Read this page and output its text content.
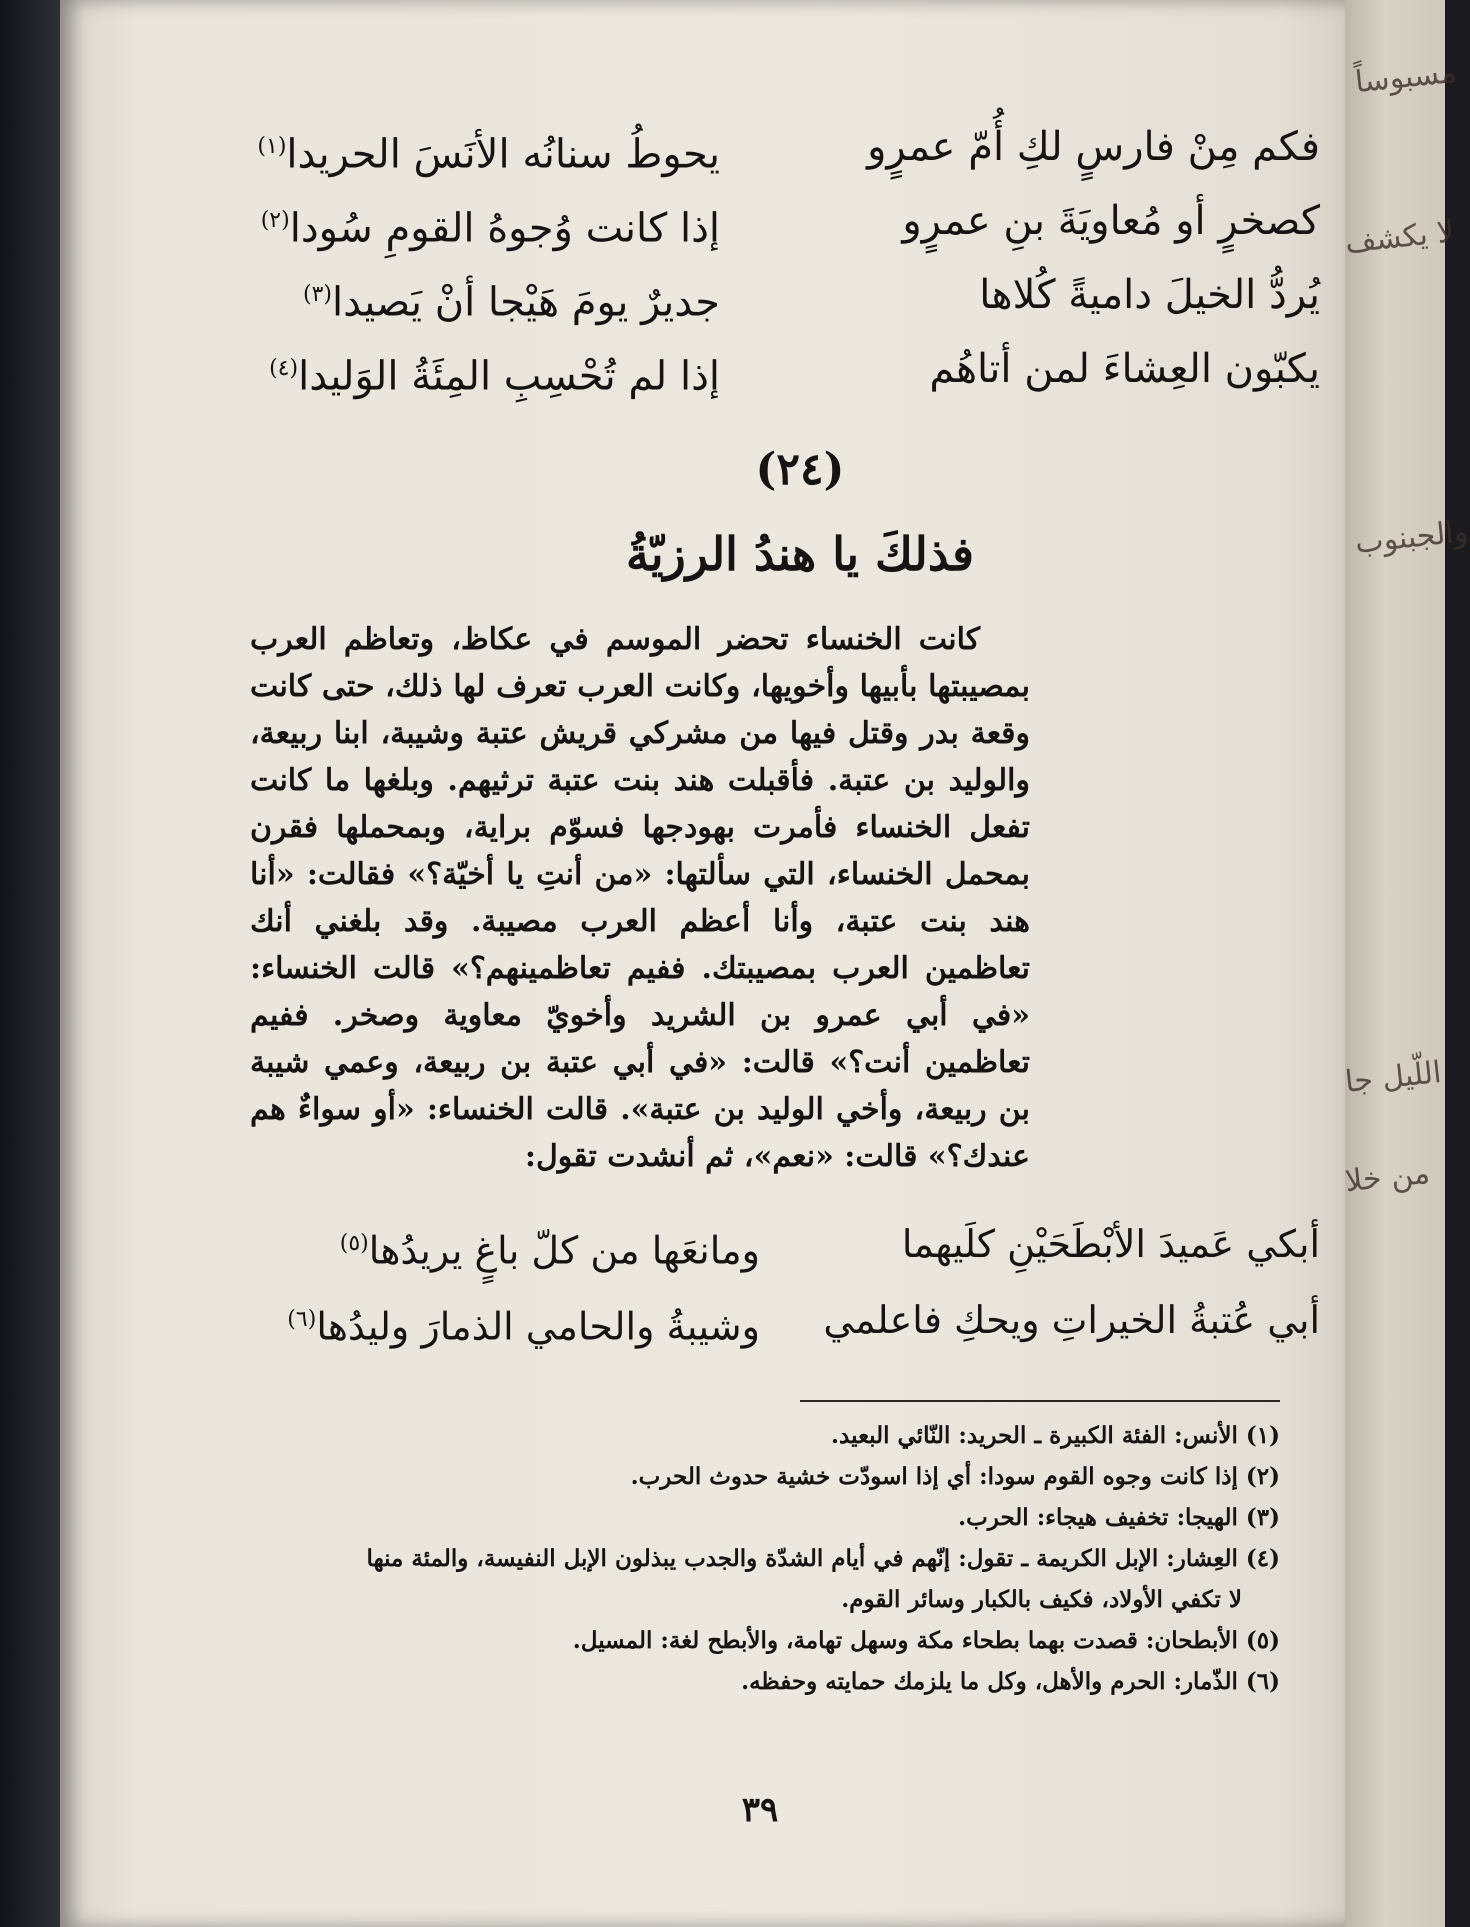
مسبوساً
لا يكشف
والجبنوب
اللّيل جا
من خلا
فكم مِنْ فارسٍ لكِ أُمّ عمرٍو
يحوطُ سنانُه الأنَسَ الحريدا$^{(١)}$
كصخرٍ أو مُعاويَةَ بنِ عمرٍو
إذا كانت وُجوهُ القومِ سُودا$^{(٢)}$
يُردُّ الخيلَ داميةً كُلاها
جديرٌ يومَ هَيْجا أنْ يَصيدا$^{(٣)}$
يكبّون العِشاءَ لمن أتاهُم
إذا لم تُحْسِبِ المِئَةُ الوَليدا$^{(٤)}$
(٢٤)
فذلكَ يا هندُ الرزيّةُ

كانت الخنساء تحضر الموسم في عكاظ، وتعاظم العرب بمصيبتها بأبيها وأخويها، وكانت العرب تعرف لها ذلك، حتى كانت وقعة بدر وقتل فيها من مشركي قريش عتبة وشيبة، ابنا ربيعة، والوليد بن عتبة. فأقبلت هند بنت عتبة ترثيهم. وبلغها ما كانت تفعل الخنساء فأمرت بهودجها فسوّم براية، وبمحملها فقرن بمحمل الخنساء، التي سألتها: «من أنتِ يا أخيّة؟» فقالت: «أنا هند بنت عتبة، وأنا أعظم العرب مصيبة. وقد بلغني أنك تعاظمين العرب بمصيبتك. ففيم تعاظمينهم؟» قالت الخنساء: «في أبي عمرو بن الشريد وأخويّ معاوية وصخر. ففيم تعاظمين أنت؟» قالت: «في أبي عتبة بن ربيعة، وعمي شيبة بن ربيعة، وأخي الوليد بن عتبة». قالت الخنساء: «أو سواءٌ هم عندك؟» قالت: «نعم»، ثم أنشدت تقول:

أبكي عَميدَ الأبْطَحَيْنِ كلَيهما
ومانعَها من كلّ باغٍ يريدُها$^{(٥)}$
أبي عُتبةُ الخيراتِ ويحكِ فاعلمي
وشيبةُ والحامي الذمارَ وليدُها$^{(٦)}$
(١) الأنس: الفئة الكبيرة ـ الحريد: النّائي البعيد.
(٢) إذا كانت وجوه القوم سودا: أي إذا اسودّت خشية حدوث الحرب.
(٣) الهيجا: تخفيف هيجاء: الحرب.
(٤) العِشار: الإبل الكريمة ـ تقول: إنّهم في أيام الشدّة والجدب يبذلون الإبل النفيسة، والمئة منها
لا تكفي الأولاد، فكيف بالكبار وسائر القوم.
(٥) الأبطحان: قصدت بهما بطحاء مكة وسهل تهامة، والأبطح لغة: المسيل.
(٦) الذّمار: الحرم والأهل، وكل ما يلزمك حمايته وحفظه.
٣٩
